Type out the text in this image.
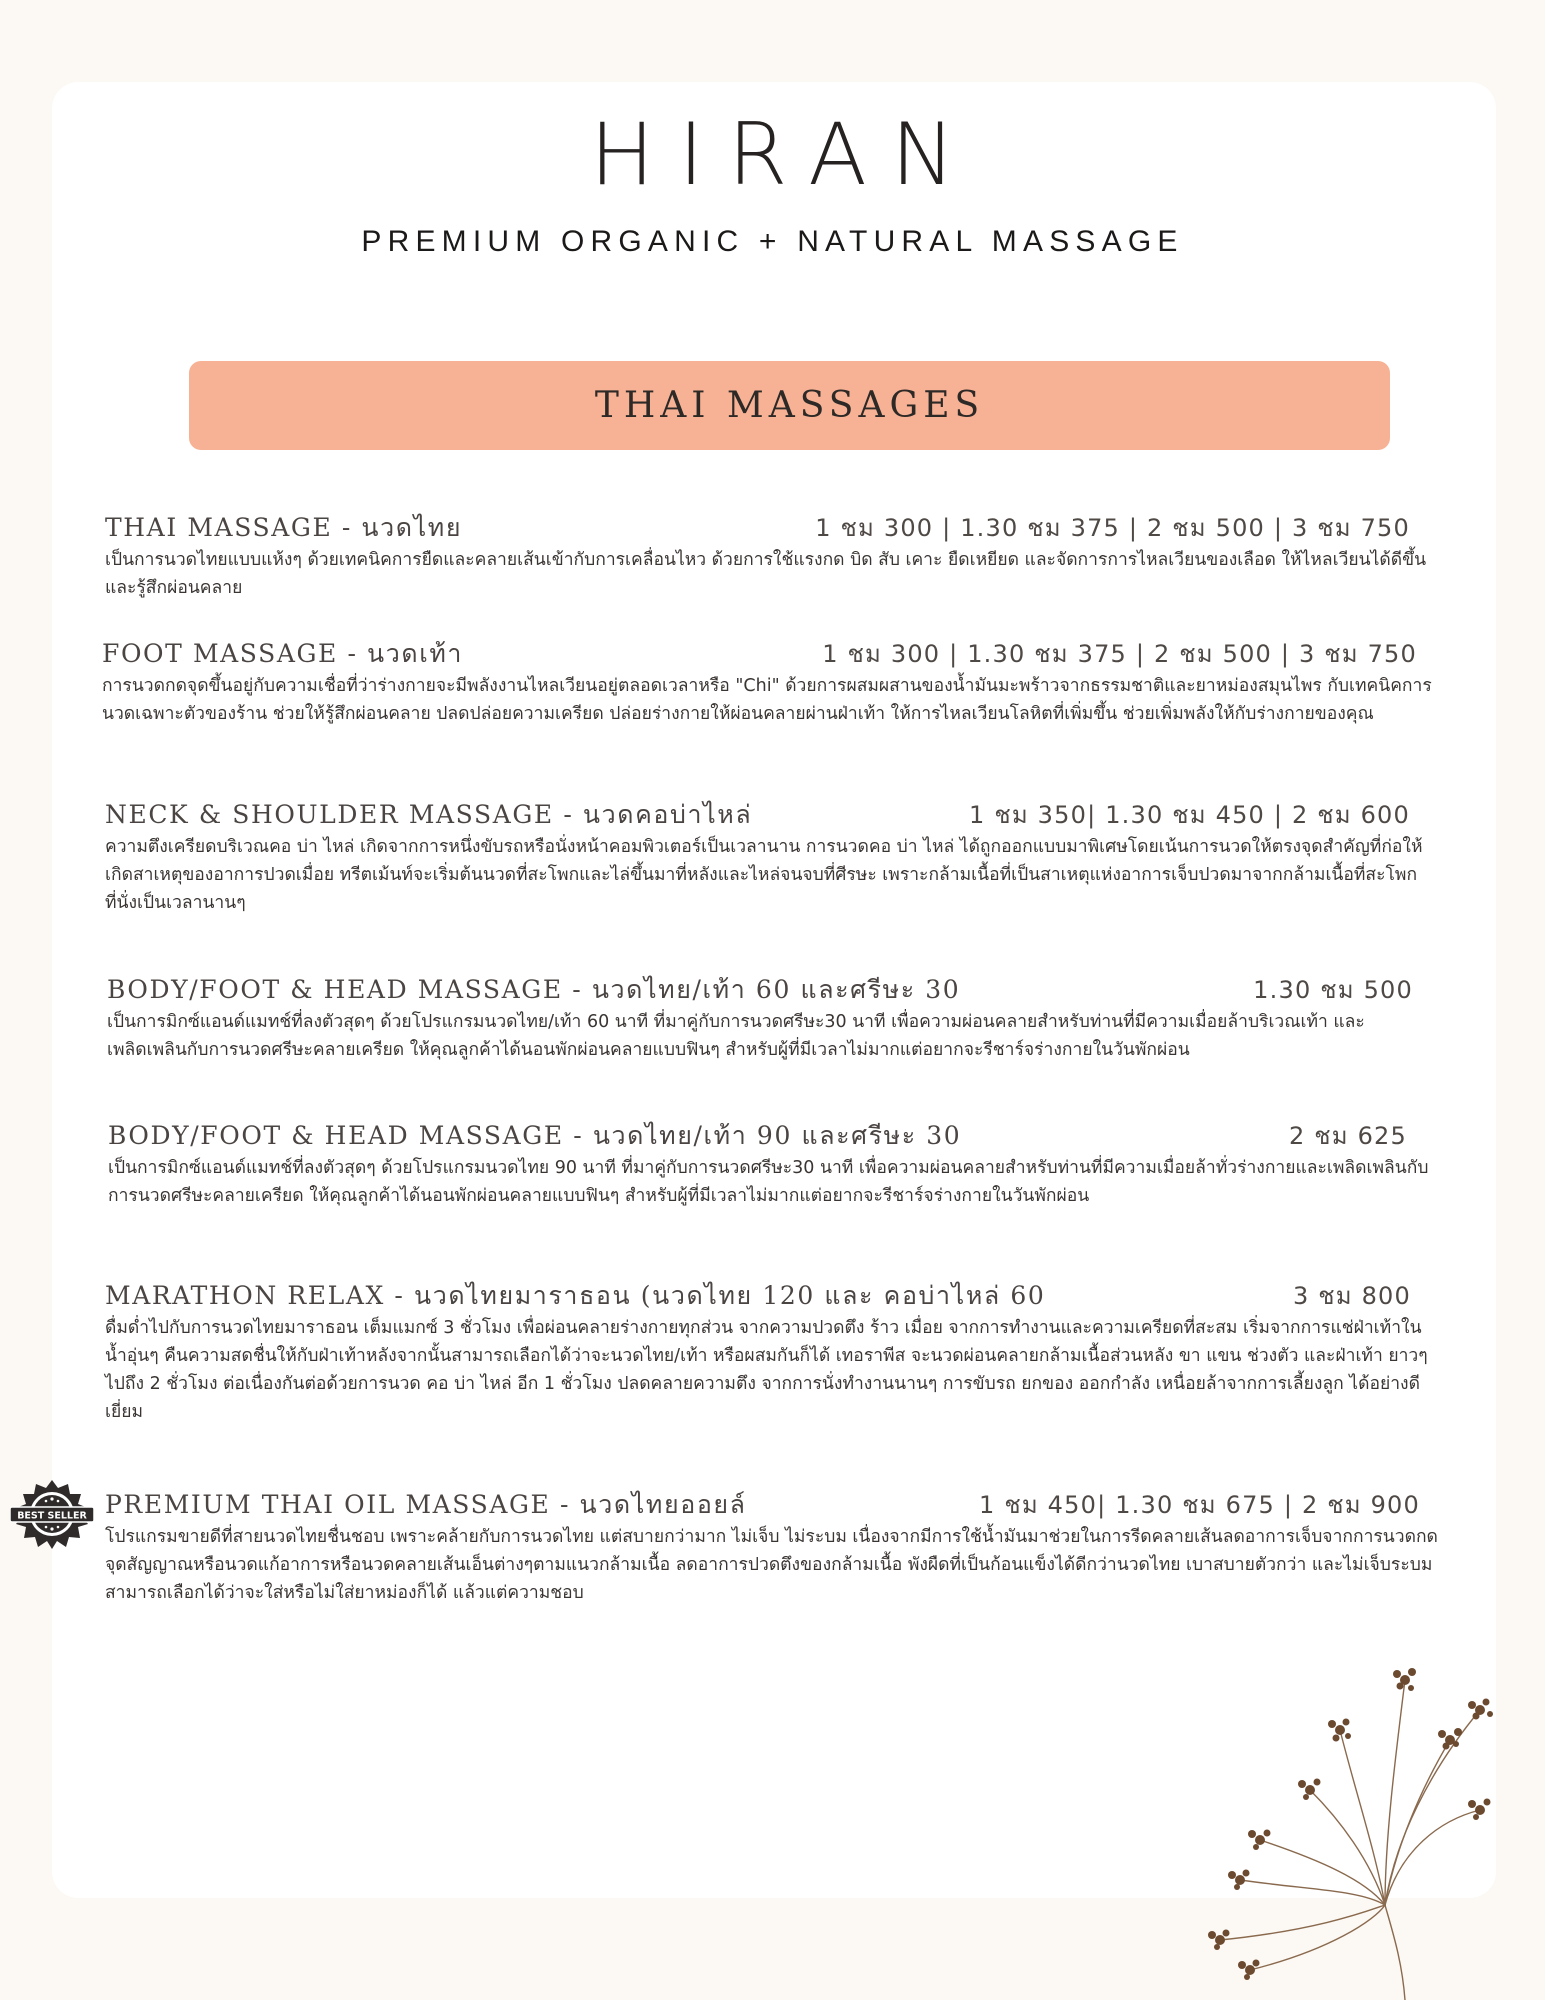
HIRAN
PREMIUM ORGANIC + NATURAL MASSAGE
THAI MASSAGES
THAI MASSAGE - นวดไทย	1 ชม 300 | 1.30 ชม 375 | 2 ชม 500 | 3 ชม 750
เป็นการนวดไทยแบบแห้งๆ ด้วยเทคนิคการยืดและคลายเส้นเข้ากับการเคลื่อนไหว ด้วยการใช้แรงกด บิด สับ เคาะ ยืดเหยียด และจัดการการไหลเวียนของเลือด ให้ไหลเวียนได้ดีขึ้นและรู้สึกผ่อนคลาย
FOOT MASSAGE - นวดเท้า	1 ชม 300 | 1.30 ชม 375 | 2 ชม 500 | 3 ชม 750
การนวดกดจุดขึ้นอยู่กับความเชื่อที่ว่าร่างกายจะมีพลังงานไหลเวียนอยู่ตลอดเวลาหรือ "Chi" ด้วยการผสมผสานของน้ำมันมะพร้าวจากธรรมชาติและยาหม่องสมุนไพร กับเทคนิคการนวดเฉพาะตัวของร้าน ช่วยให้รู้สึกผ่อนคลาย ปลดปล่อยความเครียด ปล่อยร่างกายให้ผ่อนคลายผ่านฝ่าเท้า ให้การไหลเวียนโลหิตที่เพิ่มขึ้น ช่วยเพิ่มพลังให้กับร่างกายของคุณ
NECK & SHOULDER MASSAGE - นวดคอบ่าไหล่	1 ชม 350| 1.30 ชม 450 | 2 ชม 600
ความตึงเครียดบริเวณคอ บ่า ไหล่ เกิดจากการหนึ่งขับรถหรือนั่งหน้าคอมพิวเตอร์เป็นเวลานาน การนวดคอ บ่า ไหล่ ได้ถูกออกแบบมาพิเศษโดยเน้นการนวดให้ตรงจุดสำคัญที่ก่อให้เกิดสาเหตุของอาการปวดเมื่อย ทรีตเม้นท์จะเริ่มต้นนวดที่สะโพกและไล่ขึ้นมาที่หลังและไหล่จนจบที่ศีรษะ เพราะกล้ามเนื้อที่เป็นสาเหตุแห่งอาการเจ็บปวดมาจากกล้ามเนื้อที่สะโพกที่นั่งเป็นเวลานานๆ
BODY/FOOT & HEAD MASSAGE - นวดไทย/เท้า 60 และศรีษะ 30	1.30 ชม 500
เป็นการมิกซ์แอนด์แมทช์ที่ลงตัวสุดๆ ด้วยโปรแกรมนวดไทย/เท้า 60 นาที ที่มาคู่กับการนวดศรีษะ30 นาที เพื่อความผ่อนคลายสำหรับท่านที่มีความเมื่อยล้าบริเวณเท้า และเพลิดเพลินกับการนวดศรีษะคลายเครียด ให้คุณลูกค้าได้นอนพักผ่อนคลายแบบฟินๆ สำหรับผู้ที่มีเวลาไม่มากแต่อยากจะรีชาร์จร่างกายในวันพักผ่อน
BODY/FOOT & HEAD MASSAGE - นวดไทย/เท้า 90 และศรีษะ 30	2 ชม 625
เป็นการมิกซ์แอนด์แมทช์ที่ลงตัวสุดๆ ด้วยโปรแกรมนวดไทย 90 นาที ที่มาคู่กับการนวดศรีษะ30 นาที เพื่อความผ่อนคลายสำหรับท่านที่มีความเมื่อยล้าทั่วร่างกายและเพลิดเพลินกับการนวดศรีษะคลายเครียด ให้คุณลูกค้าได้นอนพักผ่อนคลายแบบฟินๆ สำหรับผู้ที่มีเวลาไม่มากแต่อยากจะรีชาร์จร่างกายในวันพักผ่อน
MARATHON RELAX - นวดไทยมาราธอน (นวดไทย 120 และ คอบ่าไหล่ 60	3 ชม 800
ดื่มด่ำไปกับการนวดไทยมาราธอน เต็มแมกซ์ 3 ชั่วโมง เพื่อผ่อนคลายร่างกายทุกส่วน จากความปวดตึง ร้าว เมื่อย จากการทำงานและความเครียดที่สะสม เริ่มจากการแช่ฝ่าเท้าในน้ำอุ่นๆ คืนความสดชื่นให้กับฝ่าเท้าหลังจากนั้นสามารถเลือกได้ว่าจะนวดไทย/เท้า หรือผสมกันก็ได้ เทอราพีส จะนวดผ่อนคลายกล้ามเนื้อส่วนหลัง ขา แขน ช่วงตัว และฝ่าเท้า ยาวๆไปถึง 2 ชั่วโมง ต่อเนื่องกันต่อด้วยการนวด คอ บ่า ไหล่ อีก 1 ชั่วโมง ปลดคลายความตึง จากการนั่งทำงานนานๆ การขับรถ ยกของ ออกกำลัง เหนื่อยล้าจากการเลี้ยงลูก ได้อย่างดีเยี่ยม
PREMIUM THAI OIL MASSAGE - นวดไทยออยล์	1 ชม 450| 1.30 ชม 675 | 2 ชม 900
โปรแกรมขายดีที่สายนวดไทยชื่นชอบ เพราะคล้ายกับการนวดไทย แต่สบายกว่ามาก ไม่เจ็บ ไม่ระบม เนื่องจากมีการใช้น้ำมันมาช่วยในการรีดคลายเส้นลดอาการเจ็บจากการนวดกดจุดสัญญาณหรือนวดแก้อาการหรือนวดคลายเส้นเอ็นต่างๆตามแนวกล้ามเนื้อ ลดอาการปวดตึงของกล้ามเนื้อ พังผืดที่เป็นก้อนแข็งได้ดีกว่านวดไทย เบาสบายตัวกว่า และไม่เจ็บระบม สามารถเลือกได้ว่าจะใส่หรือไม่ใส่ยาหม่องก็ได้ แล้วแต่ความชอบ
BEST SELLER
